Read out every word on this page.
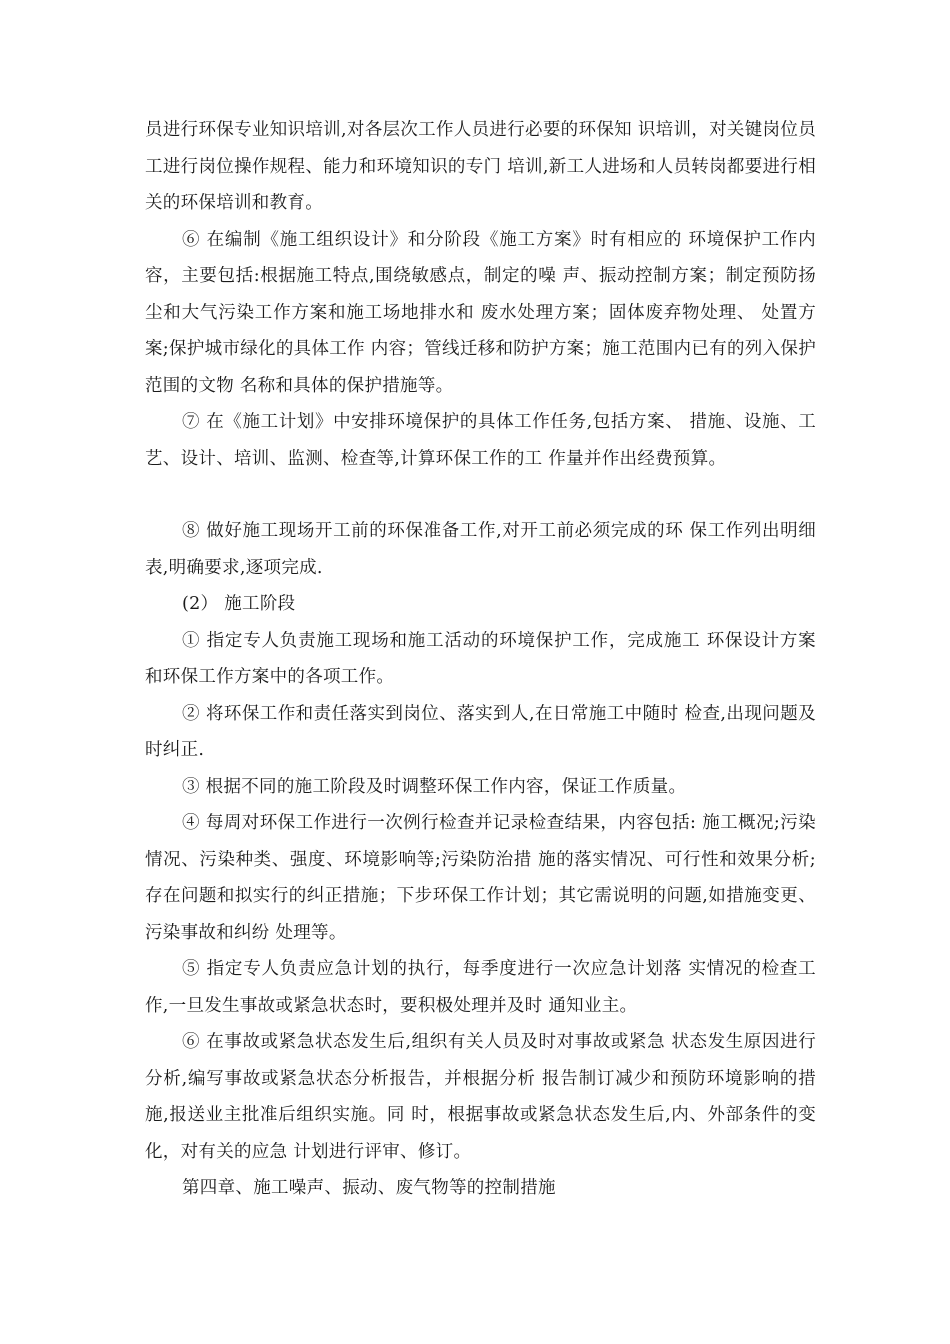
员进行环保专业知识培训,对各层次工作人员进行必要的环保知 识培训，对关键岗位员工进行岗位操作规程、能力和环境知识的专门 培训,新工人进场和人员转岗都要进行相关的环保培训和教育。

⑥ 在编制《施工组织设计》和分阶段《施工方案》时有相应的 环境保护工作内容，主要包括:根据施工特点,围绕敏感点，制定的噪 声、振动控制方案；制定预防扬尘和大气污染工作方案和施工场地排水和 废水处理方案；固体废弃物处理、 处置方案;保护城市绿化的具体工作 内容；管线迁移和防护方案；施工范围内已有的列入保护范围的文物 名称和具体的保护措施等。

⑦ 在《施工计划》中安排环境保护的具体工作任务,包括方案、 措施、设施、工艺、设计、培训、监测、检查等,计算环保工作的工 作量并作出经费预算。

⑧ 做好施工现场开工前的环保准备工作,对开工前必须完成的环 保工作列出明细表,明确要求,逐项完成.

(2） 施工阶段

① 指定专人负责施工现场和施工活动的环境保护工作，完成施工 环保设计方案和环保工作方案中的各项工作。

② 将环保工作和责任落实到岗位、落实到人,在日常施工中随时 检查,出现问题及时纠正.

③ 根据不同的施工阶段及时调整环保工作内容，保证工作质量。

④ 每周对环保工作进行一次例行检查并记录检查结果，内容包括: 施工概况;污染情况、污染种类、强度、环境影响等;污染防治措 施的落实情况、可行性和效果分析;存在问题和拟实行的纠正措施；下步环保工作计划；其它需说明的问题,如措施变更、 污染事故和纠纷 处理等。

⑤ 指定专人负责应急计划的执行，每季度进行一次应急计划落 实情况的检查工作,一旦发生事故或紧急状态时，要积极处理并及时 通知业主。

⑥ 在事故或紧急状态发生后,组织有关人员及时对事故或紧急 状态发生原因进行分析,编写事故或紧急状态分析报告，并根据分析 报告制订减少和预防环境影响的措施,报送业主批准后组织实施。同 时，根据事故或紧急状态发生后,内、外部条件的变化，对有关的应急 计划进行评审、修订。

第四章、施工噪声、振动、废气物等的控制措施
